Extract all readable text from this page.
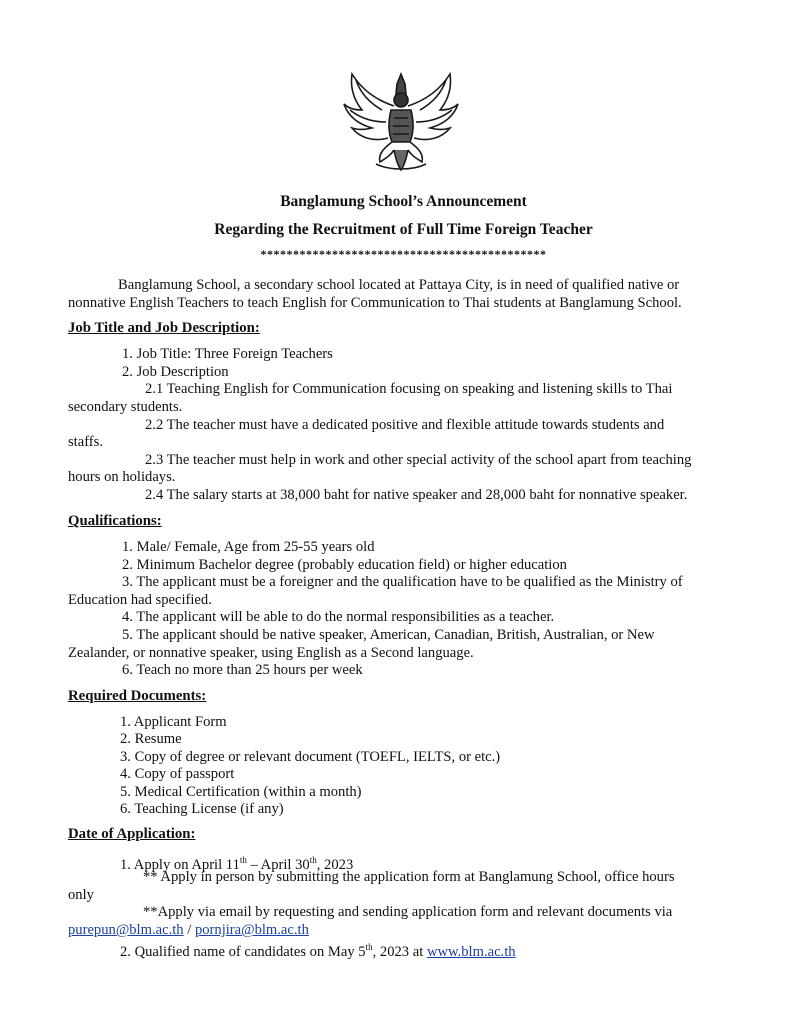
Banglamung School’s Announcement
Regarding the Recruitment of Full Time Foreign Teacher
********************************************
Banglamung School, a secondary school located at Pattaya City, is in need of qualified native or
nonnative English Teachers to teach English for Communication to Thai students at Banglamung School.
Job Title and Job Description:
1. Job Title: Three Foreign Teachers
2. Job Description
2.1 Teaching English for Communication focusing on speaking and listening skills to Thai
secondary students.
2.2 The teacher must have a dedicated positive and flexible attitude towards students and
staffs.
2.3 The teacher must help in work and other special activity of the school apart from teaching
hours on holidays.
2.4 The salary starts at 38,000 baht for native speaker and 28,000 baht for nonnative speaker.
Qualifications:
1. Male/ Female, Age from 25-55 years old
2. Minimum Bachelor degree (probably education field) or higher education
3. The applicant must be a foreigner and the qualification have to be qualified as the Ministry of
Education had specified.
4. The applicant will be able to do the normal responsibilities as a teacher.
5. The applicant should be native speaker, American, Canadian, British, Australian, or New
Zealander, or nonnative speaker, using English as a Second language.
6. Teach no more than 25 hours per week
Required Documents:
1. Applicant Form
2. Resume
3. Copy of degree or relevant document (TOEFL, IELTS, or etc.)
4. Copy of passport
5. Medical Certification (within a month)
6. Teaching License (if any)
Date of Application:
1. Apply on April 11th – April 30th, 2023
** Apply in person by submitting the application form at Banglamung School, office hours
only
**Apply via email by requesting and sending application form and relevant documents via
purepun@blm.ac.th / pornjira@blm.ac.th
2. Qualified name of candidates on May 5th, 2023 at www.blm.ac.th
